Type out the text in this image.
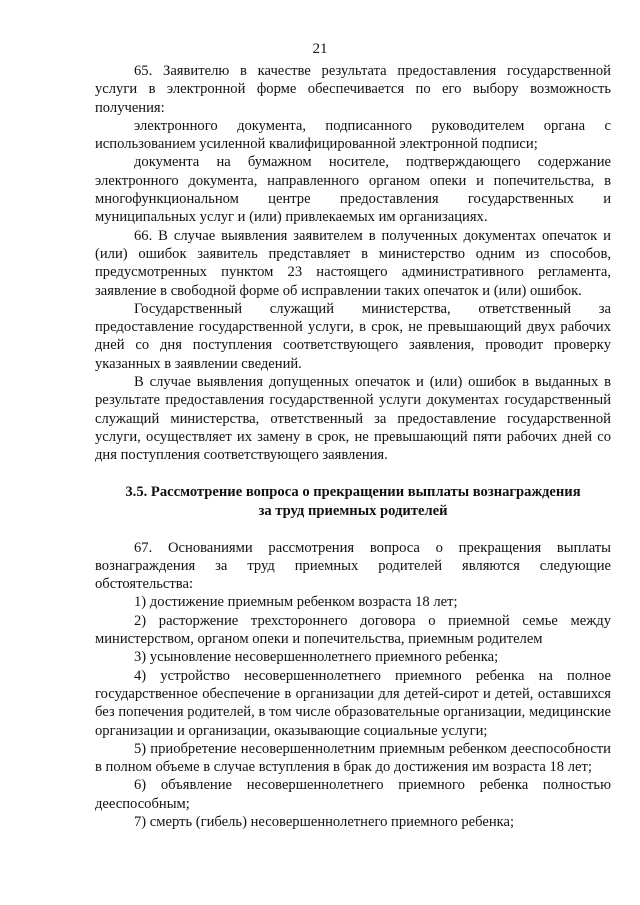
21

65. Заявителю в качестве результата предоставления государственной услуги в электронной форме обеспечивается по его выбору возможность получения:

электронного документа, подписанного руководителем органа с использованием усиленной квалифицированной электронной подписи;

документа на бумажном носителе, подтверждающего содержание электронного документа, направленного органом опеки и попечительства, в многофункциональном центре предоставления государственных и муниципальных услуг и (или) привлекаемых им организациях.

66. В случае выявления заявителем в полученных документах опечаток и (или) ошибок заявитель представляет в министерство одним из способов, предусмотренных пунктом 23 настоящего административного регламента, заявление в свободной форме об исправлении таких опечаток и (или) ошибок.

Государственный служащий министерства, ответственный за предоставление государственной услуги, в срок, не превышающий двух рабочих дней со дня поступления соответствующего заявления, проводит проверку указанных в заявлении сведений.

В случае выявления допущенных опечаток и (или) ошибок в выданных в результате предоставления государственной услуги документах государственный служащий министерства, ответственный за предоставление государственной услуги, осуществляет их замену в срок, не превышающий пяти рабочих дней со дня поступления соответствующего заявления.

3.5. Рассмотрение вопроса о прекращении выплаты вознаграждения
за труд приемных родителей

67. Основаниями рассмотрения вопроса о прекращения выплаты вознаграждения за труд приемных родителей являются следующие обстоятельства:

1) достижение приемным ребенком возраста 18 лет;

2) расторжение трехстороннего договора о приемной семье между министерством, органом опеки и попечительства, приемным родителем

3) усыновление несовершеннолетнего приемного ребенка;

4) устройство несовершеннолетнего приемного ребенка на полное государственное обеспечение в организации для детей-сирот и детей, оставшихся без попечения родителей, в том числе образовательные организации, медицинские организации и организации, оказывающие социальные услуги;

5) приобретение несовершеннолетним приемным ребенком дееспособности в полном объеме в случае вступления в брак до достижения им возраста 18 лет;

6) объявление несовершеннолетнего приемного ребенка полностью дееспособным;

7) смерть (гибель) несовершеннолетнего приемного ребенка;
